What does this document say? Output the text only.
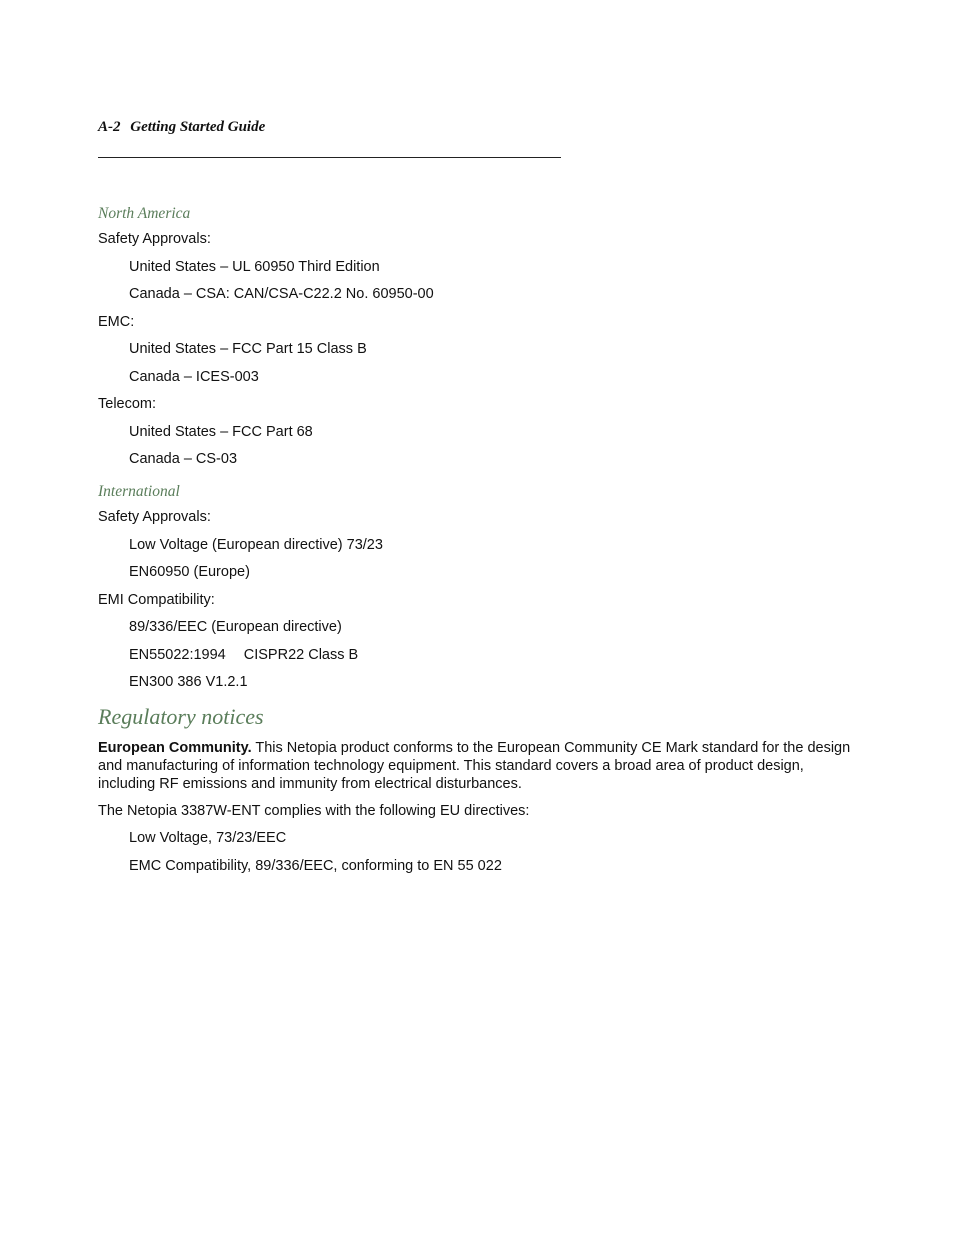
A-2 Getting Started Guide
North America
Safety Approvals:
United States – UL 60950 Third Edition
Canada – CSA: CAN/CSA-C22.2 No. 60950-00
EMC:
United States – FCC Part 15 Class B
Canada – ICES-003
Telecom:
United States – FCC Part 68
Canada – CS-03
International
Safety Approvals:
Low Voltage (European directive) 73/23
EN60950 (Europe)
EMI Compatibility:
89/336/EEC (European directive)
EN55022:1994 CISPR22 Class B
EN300 386 V1.2.1
Regulatory notices

European Community. This Netopia product conforms to the European Community CE Mark standard for the design and manufacturing of information technology equipment. This standard covers a broad area of product design, including RF emissions and immunity from electrical disturbances.

The Netopia 3387W-ENT complies with the following EU directives:

Low Voltage, 73/23/EEC
EMC Compatibility, 89/336/EEC, conforming to EN 55 022
